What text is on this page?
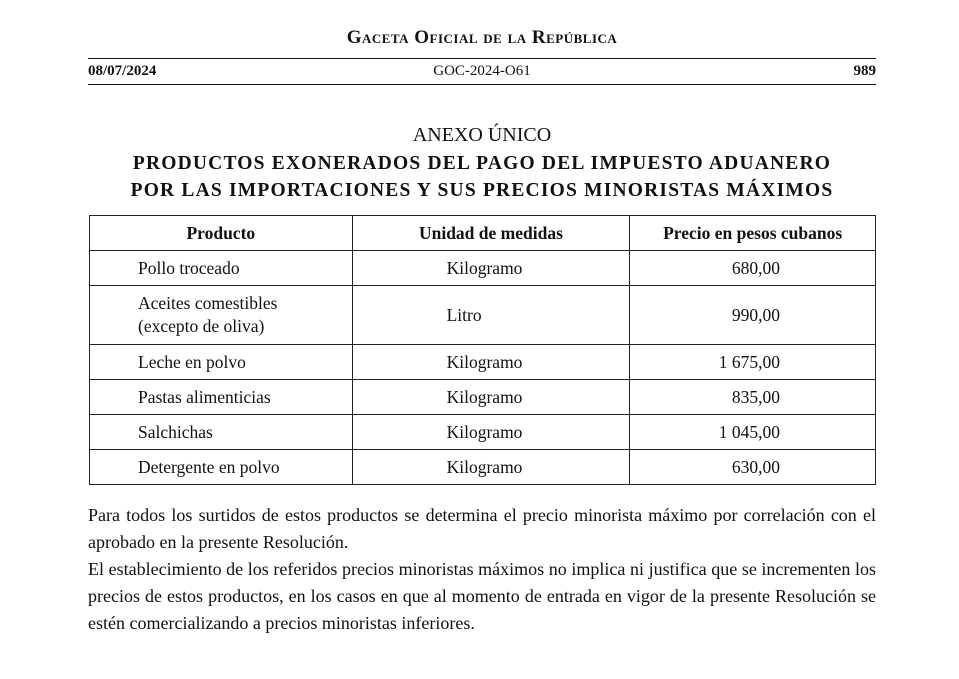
Gaceta Oficial de la República
08/07/2024	GOC-2024-O61	989
ANEXO ÚNICO
PRODUCTOS EXONERADOS DEL PAGO DEL IMPUESTO ADUANERO
POR LAS IMPORTACIONES Y SUS PRECIOS MINORISTAS MÁXIMOS
Producto	Unidad de medidas	Precio en pesos cubanos
Pollo troceado	Kilogramo	680,00

Aceites comestibles
(excepto de oliva)	Litro	990,00
Leche en polvo	Kilogramo	1 675,00
Pastas alimenticias	Kilogramo	835,00
Salchichas	Kilogramo	1 045,00
Detergente en polvo	Kilogramo	630,00

Para todos los surtidos de estos productos se determina el precio minorista máximo por correlación con el aprobado en la presente Resolución.

El establecimiento de los referidos precios minoristas máximos no implica ni justifica que se incrementen los precios de estos productos, en los casos en que al momento de entrada en vigor de la presente Resolución se estén comercializando a precios minoristas inferiores.
